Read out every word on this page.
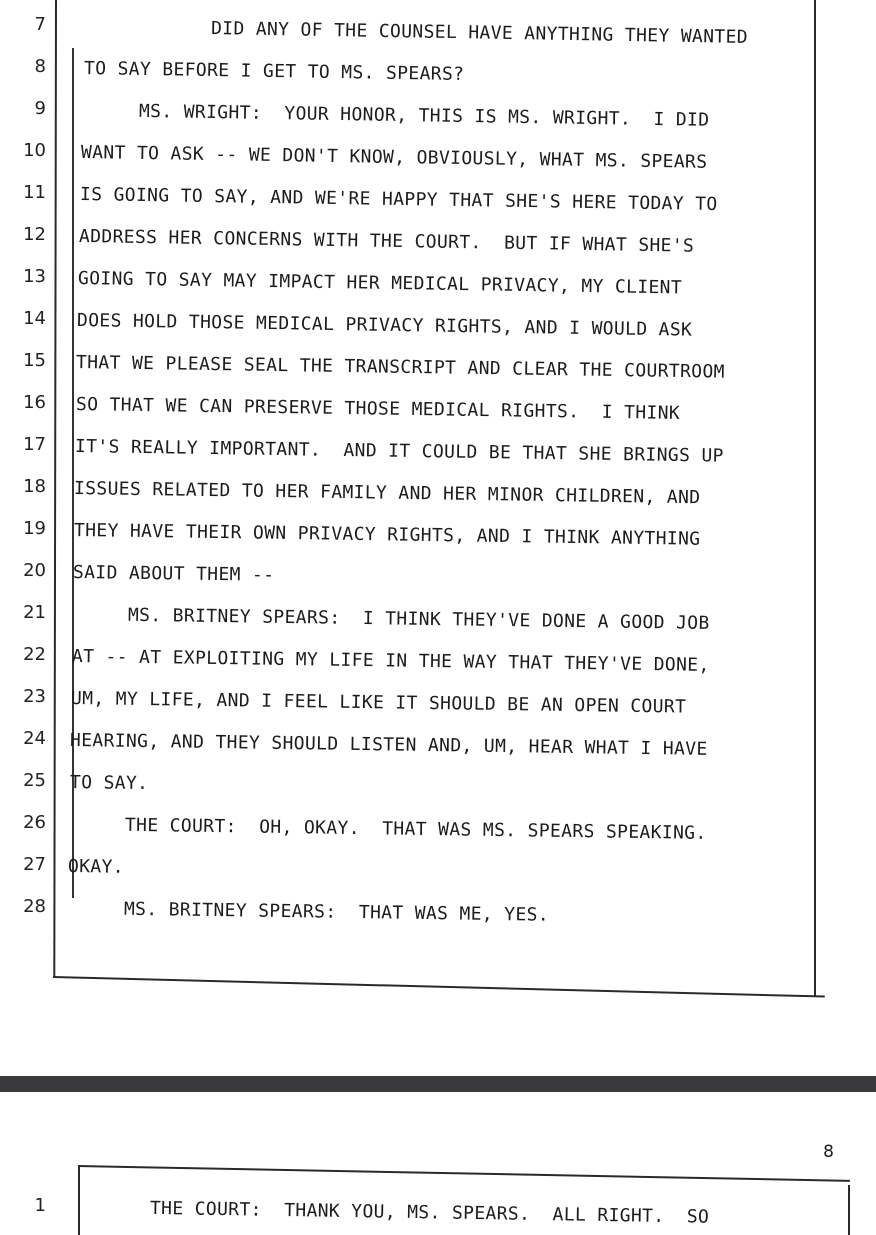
7 DID ANY OF THE COUNSEL HAVE ANYTHING THEY WANTED
8 TO SAY BEFORE I GET TO MS. SPEARS?
9 MS. WRIGHT:  YOUR HONOR, THIS IS MS. WRIGHT.  I DID
10 WANT TO ASK -- WE DON'T KNOW, OBVIOUSLY, WHAT MS. SPEARS
11 IS GOING TO SAY, AND WE'RE HAPPY THAT SHE'S HERE TODAY TO
12 ADDRESS HER CONCERNS WITH THE COURT.  BUT IF WHAT SHE'S
13 GOING TO SAY MAY IMPACT HER MEDICAL PRIVACY, MY CLIENT
14 DOES HOLD THOSE MEDICAL PRIVACY RIGHTS, AND I WOULD ASK
15 THAT WE PLEASE SEAL THE TRANSCRIPT AND CLEAR THE COURTROOM
16 SO THAT WE CAN PRESERVE THOSE MEDICAL RIGHTS.  I THINK
17 IT'S REALLY IMPORTANT.  AND IT COULD BE THAT SHE BRINGS UP
18 ISSUES RELATED TO HER FAMILY AND HER MINOR CHILDREN, AND
19 THEY HAVE THEIR OWN PRIVACY RIGHTS, AND I THINK ANYTHING
20 SAID ABOUT THEM --
21 MS. BRITNEY SPEARS:  I THINK THEY'VE DONE A GOOD JOB
22 AT -- AT EXPLOITING MY LIFE IN THE WAY THAT THEY'VE DONE,
23 UM, MY LIFE, AND I FEEL LIKE IT SHOULD BE AN OPEN COURT
24 HEARING, AND THEY SHOULD LISTEN AND, UM, HEAR WHAT I HAVE
25 TO SAY.
26 THE COURT:  OH, OKAY.  THAT WAS MS. SPEARS SPEAKING.
27 OKAY.
28 MS. BRITNEY SPEARS:  THAT WAS ME, YES.
8
1	THE COURT:  THANK YOU, MS. SPEARS.  ALL RIGHT.  SO
